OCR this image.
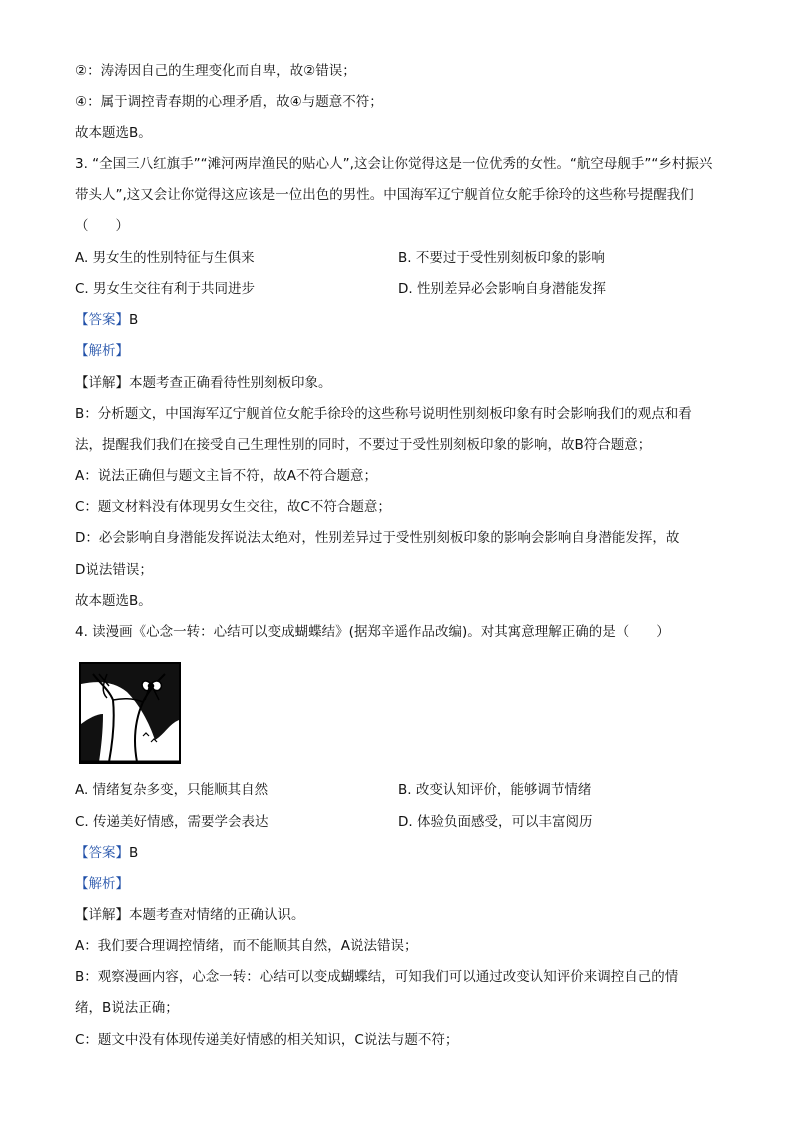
②：涛涛因自己的生理变化而自卑，故②错误；
④：属于调控青春期的心理矛盾，故④与题意不符；
故本题选B。
3. “全国三八红旗手”“滩河两岸渔民的贴心人”,这会让你觉得这是一位优秀的女性。“航空母舰手”“乡村振兴
带头人”,这又会让你觉得这应该是一位出色的男性。中国海军辽宁舰首位女舵手徐玲的这些称号提醒我们
（　　）
A. 男女生的性别特征与生俱来	B. 不要过于受性别刻板印象的影响
C. 男女生交往有利于共同进步	D. 性别差异必会影响自身潜能发挥
【答案】B
【解析】
【详解】本题考查正确看待性别刻板印象。
B：分析题文，中国海军辽宁舰首位女舵手徐玲的这些称号说明性别刻板印象有时会影响我们的观点和看
法，提醒我们我们在接受自己生理性别的同时，不要过于受性别刻板印象的影响，故B符合题意；
A：说法正确但与题文主旨不符，故A不符合题意；
C：题文材料没有体现男女生交往，故C不符合题意；
D：必会影响自身潜能发挥说法太绝对，性别差异过于受性别刻板印象的影响会影响自身潜能发挥，故
D说法错误；
故本题选B。
4. 读漫画《心念一转：心结可以变成蝴蝶结》(据郑辛遥作品改编)。对其寓意理解正确的是（　　）
A. 情绪复杂多变，只能顺其自然	B. 改变认知评价，能够调节情绪
C. 传递美好情感，需要学会表达	D. 体验负面感受，可以丰富阅历
【答案】B
【解析】
【详解】本题考查对情绪的正确认识。
A：我们要合理调控情绪，而不能顺其自然，A说法错误；
B：观察漫画内容，心念一转：心结可以变成蝴蝶结，可知我们可以通过改变认知评价来调控自己的情
绪，B说法正确；
C：题文中没有体现传递美好情感的相关知识，C说法与题不符；
